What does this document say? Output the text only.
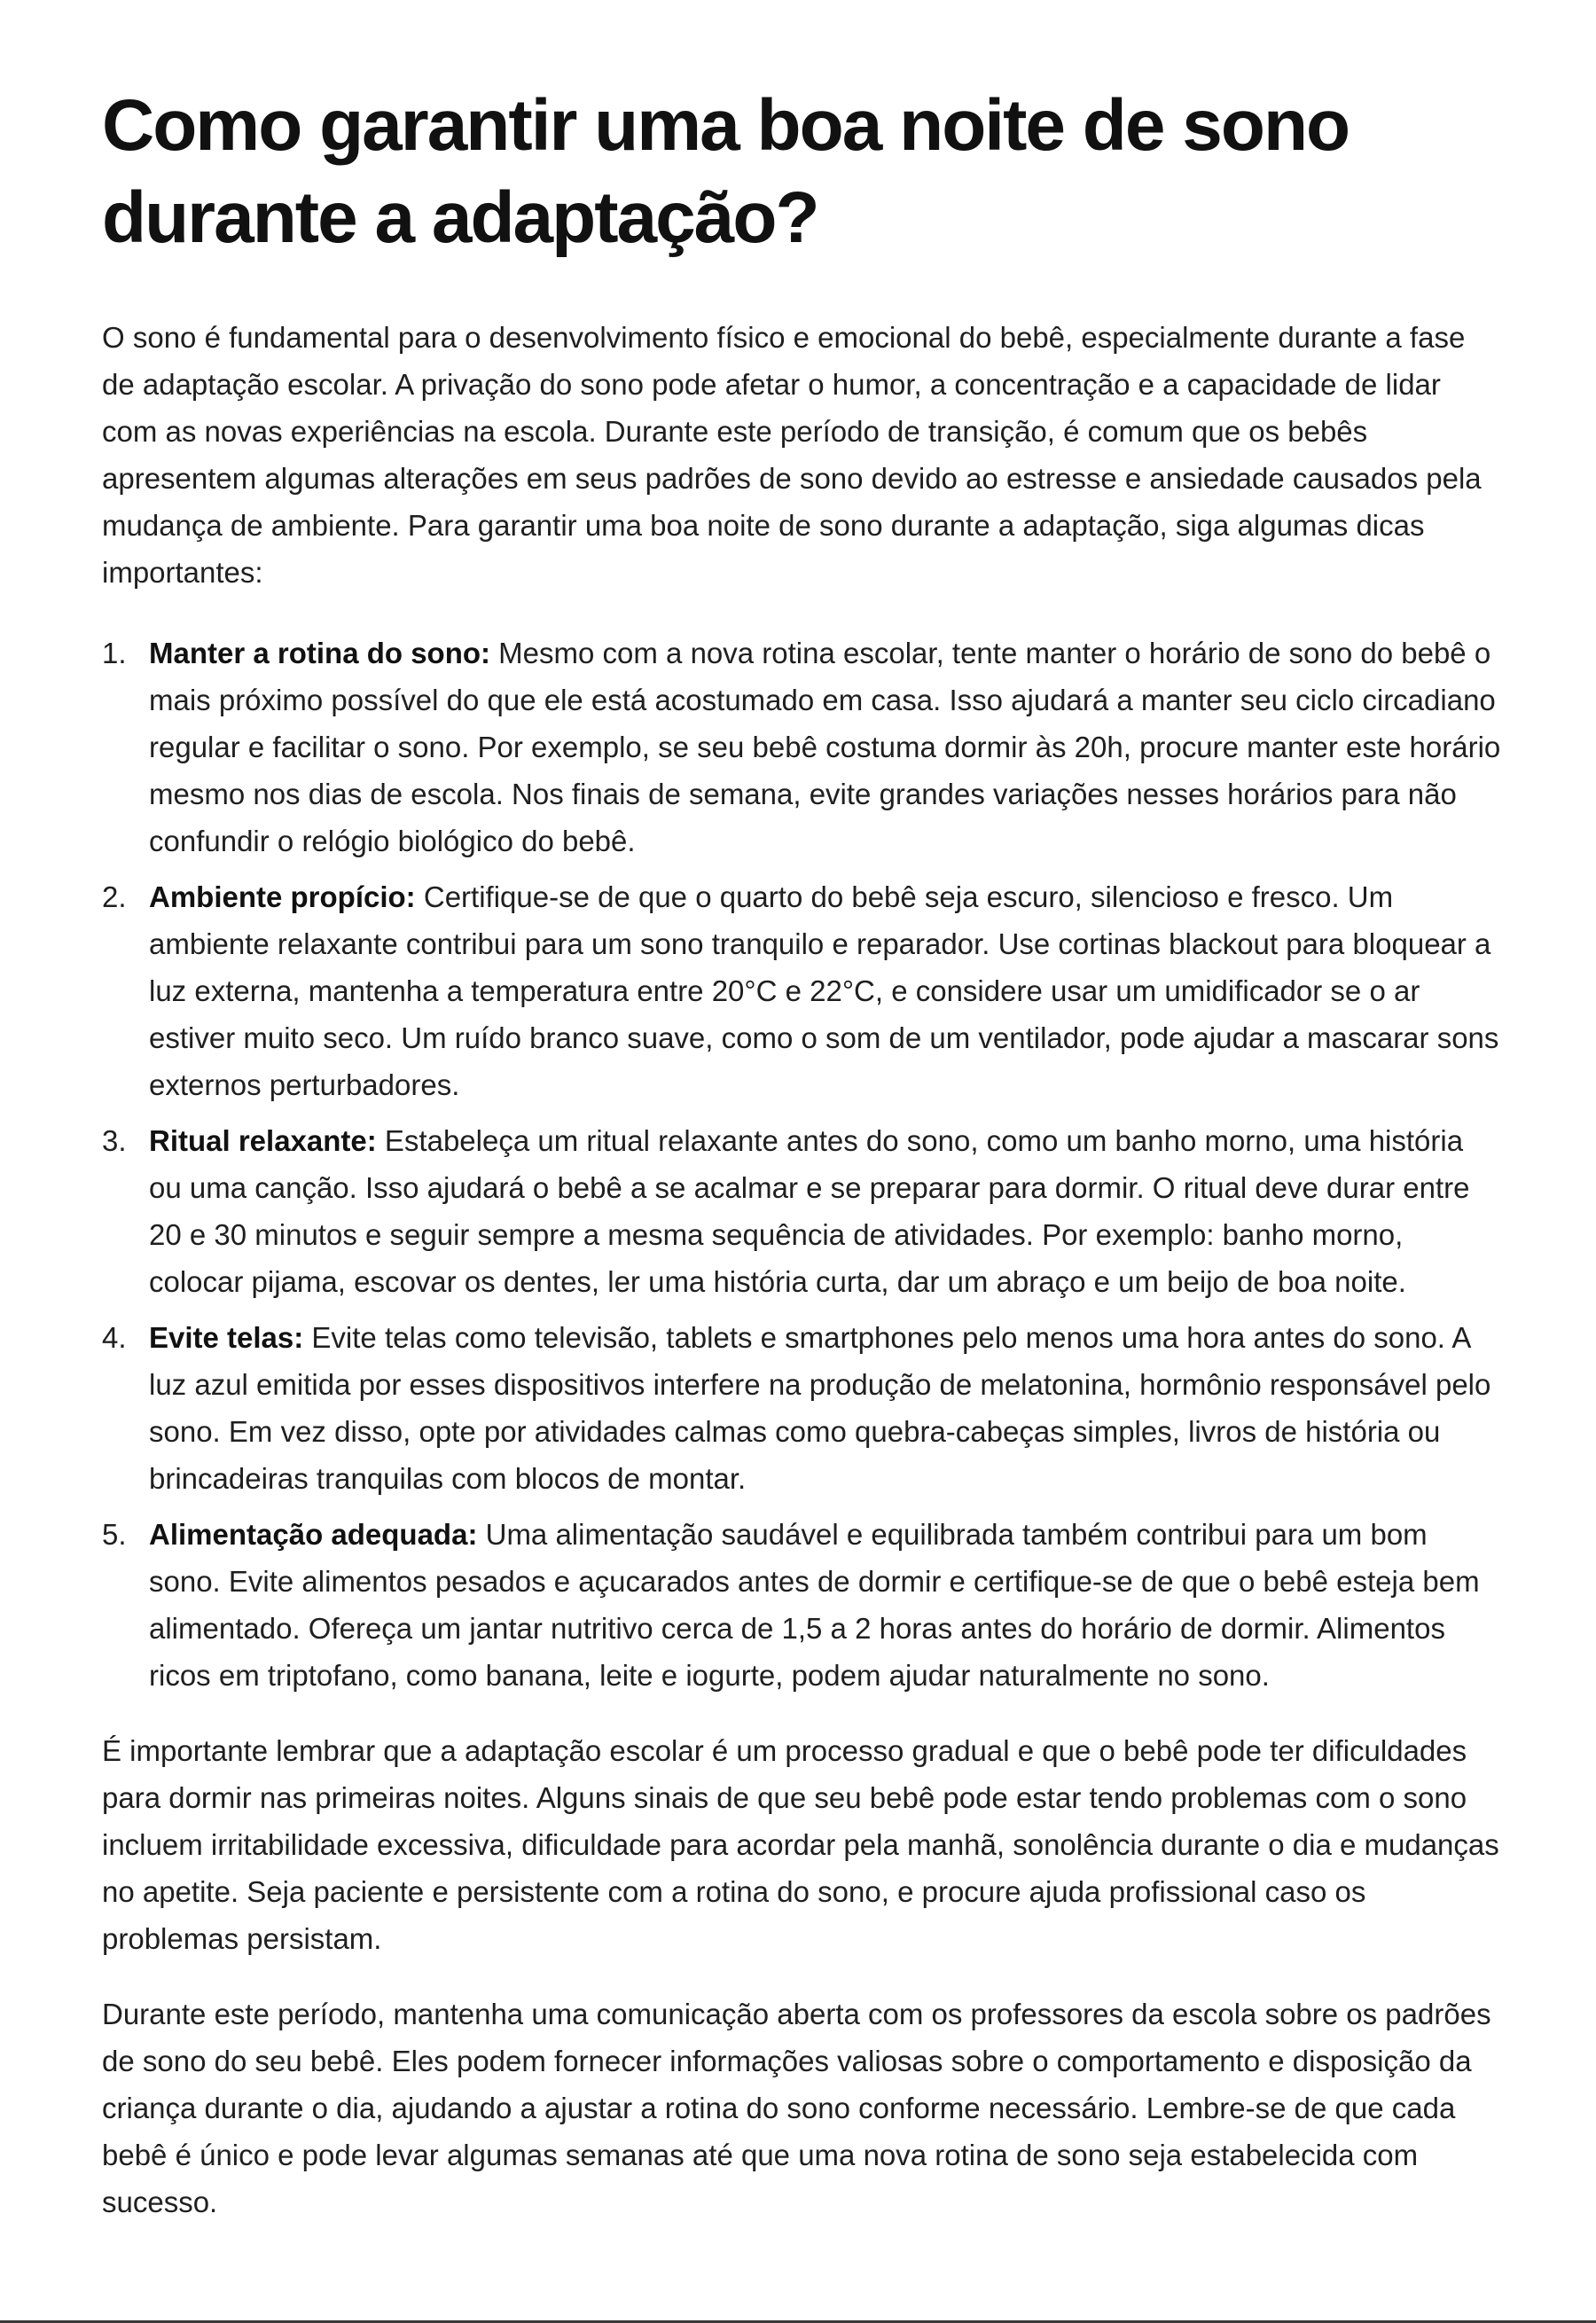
Como garantir uma boa noite de sono durante a adaptação?

O sono é fundamental para o desenvolvimento físico e emocional do bebê, especialmente durante a fase de adaptação escolar. A privação do sono pode afetar o humor, a concentração e a capacidade de lidar com as novas experiências na escola. Durante este período de transição, é comum que os bebês apresentem algumas alterações em seus padrões de sono devido ao estresse e ansiedade causados pela mudança de ambiente. Para garantir uma boa noite de sono durante a adaptação, siga algumas dicas importantes:

1. Manter a rotina do sono: Mesmo com a nova rotina escolar, tente manter o horário de sono do bebê o mais próximo possível do que ele está acostumado em casa. Isso ajudará a manter seu ciclo circadiano regular e facilitar o sono. Por exemplo, se seu bebê costuma dormir às 20h, procure manter este horário mesmo nos dias de escola. Nos finais de semana, evite grandes variações nesses horários para não confundir o relógio biológico do bebê.
2. Ambiente propício: Certifique-se de que o quarto do bebê seja escuro, silencioso e fresco. Um ambiente relaxante contribui para um sono tranquilo e reparador. Use cortinas blackout para bloquear a luz externa, mantenha a temperatura entre 20°C e 22°C, e considere usar um umidificador se o ar estiver muito seco. Um ruído branco suave, como o som de um ventilador, pode ajudar a mascarar sons externos perturbadores.
3. Ritual relaxante: Estabeleça um ritual relaxante antes do sono, como um banho morno, uma história ou uma canção. Isso ajudará o bebê a se acalmar e se preparar para dormir. O ritual deve durar entre 20 e 30 minutos e seguir sempre a mesma sequência de atividades. Por exemplo: banho morno, colocar pijama, escovar os dentes, ler uma história curta, dar um abraço e um beijo de boa noite.
4. Evite telas: Evite telas como televisão, tablets e smartphones pelo menos uma hora antes do sono. A luz azul emitida por esses dispositivos interfere na produção de melatonina, hormônio responsável pelo sono. Em vez disso, opte por atividades calmas como quebra-cabeças simples, livros de história ou brincadeiras tranquilas com blocos de montar.
5. Alimentação adequada: Uma alimentação saudável e equilibrada também contribui para um bom sono. Evite alimentos pesados e açucarados antes de dormir e certifique-se de que o bebê esteja bem alimentado. Ofereça um jantar nutritivo cerca de 1,5 a 2 horas antes do horário de dormir. Alimentos ricos em triptofano, como banana, leite e iogurte, podem ajudar naturalmente no sono.

É importante lembrar que a adaptação escolar é um processo gradual e que o bebê pode ter dificuldades para dormir nas primeiras noites. Alguns sinais de que seu bebê pode estar tendo problemas com o sono incluem irritabilidade excessiva, dificuldade para acordar pela manhã, sonolência durante o dia e mudanças no apetite. Seja paciente e persistente com a rotina do sono, e procure ajuda profissional caso os problemas persistam.

Durante este período, mantenha uma comunicação aberta com os professores da escola sobre os padrões de sono do seu bebê. Eles podem fornecer informações valiosas sobre o comportamento e disposição da criança durante o dia, ajudando a ajustar a rotina do sono conforme necessário. Lembre-se de que cada bebê é único e pode levar algumas semanas até que uma nova rotina de sono seja estabelecida com sucesso.
